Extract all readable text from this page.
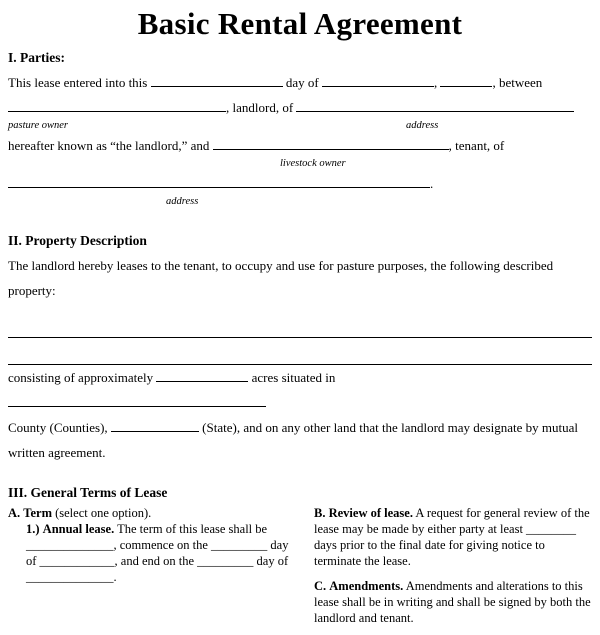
Basic Rental Agreement
I. Parties:
This lease entered into this	day of	,	, between
, landlord, of
pasture owner	address
hereafter known as “the landlord,” and	, tenant, of
livestock owner
.
address
II. Property Description
The landlord hereby leases to the tenant, to occupy and use for pasture purposes, the following described property:
consisting of approximately	acres situated in
County (Counties),	(State), and on any other land that the landlord may designate by mutual
written agreement.
III. General Terms of Lease
A. Term (select one option).
1.) Annual lease. The term of this lease shall be ______________, commence on the _________ day of ____________, and end on the _________ day of ______________.
B. Review of lease. A request for general review of the lease may be made by either party at least ________ days prior to the final date for giving notice to terminate the lease.
C. Amendments. Amendments and alterations to this lease shall be in writing and shall be signed by both the landlord and tenant.
